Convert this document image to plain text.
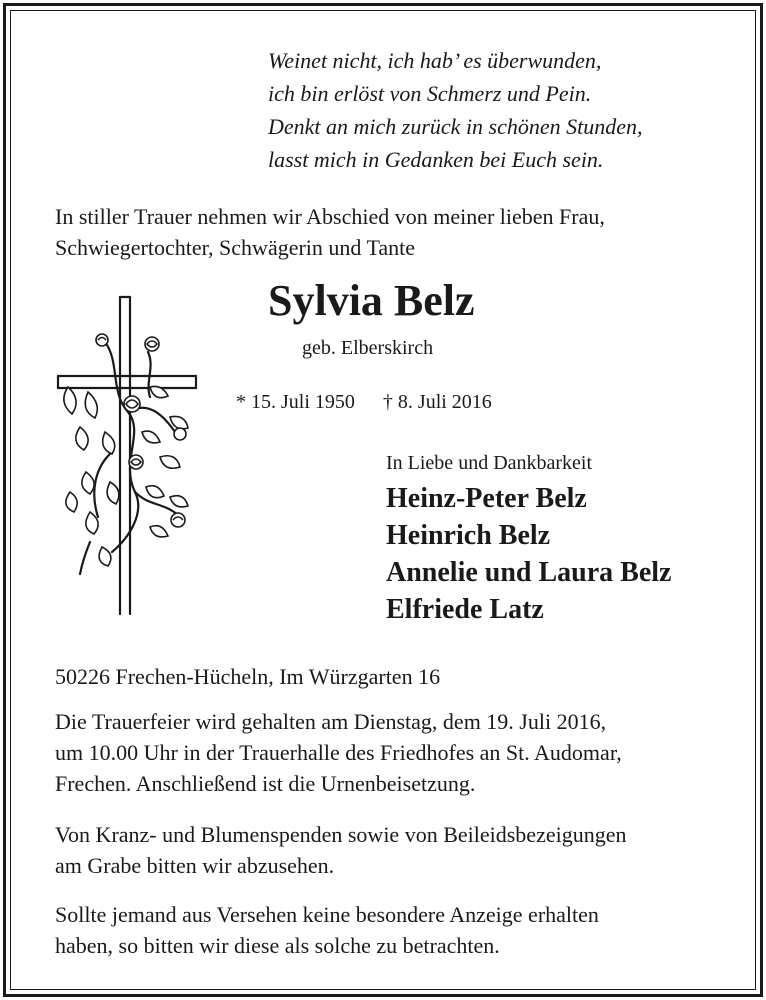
Weinet nicht, ich hab’ es überwunden,
ich bin erlöst von Schmerz und Pein.
Denkt an mich zurück in schönen Stunden,
lasst mich in Gedanken bei Euch sein.
In stiller Trauer nehmen wir Abschied von meiner lieben Frau,
Schwiegertochter, Schwägerin und Tante
Sylvia Belz
geb. Elberskirch
* 15. Juli 1950 † 8. Juli 2016
In Liebe und Dankbarkeit
Heinz-Peter Belz
Heinrich Belz
Annelie und Laura Belz
Elfriede Latz
50226 Frechen-Hücheln, Im Würzgarten 16
Die Trauerfeier wird gehalten am Dienstag, dem 19. Juli 2016,
um 10.00 Uhr in der Trauerhalle des Friedhofes an St. Audomar,
Frechen. Anschließend ist die Urnenbeisetzung.
Von Kranz- und Blumenspenden sowie von Beileidsbezeigungen
am Grabe bitten wir abzusehen.
Sollte jemand aus Versehen keine besondere Anzeige erhalten
haben, so bitten wir diese als solche zu betrachten.
